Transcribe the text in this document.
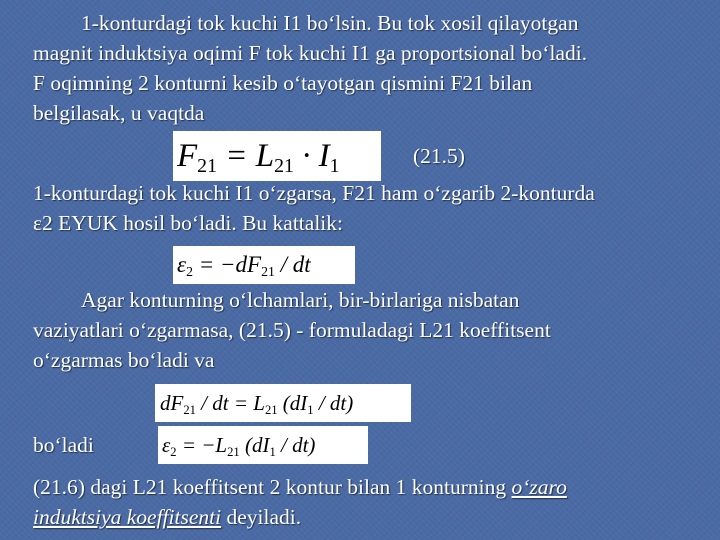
1-konturdagi tok kuchi I1 bo‘lsin. Bu tok xosil qilayotgan
magnit induktsiya oqimi F tok kuchi I1 ga proportsional bo‘ladi.
F oqimning 2 konturni kesib o‘tayotgan qismini F21 bilan
belgilasak, u vaqtda
$F_{21} = L_{21} \cdot I_1$	(21.5)
1-konturdagi tok kuchi I1 o‘zgarsa, F21 ham o‘zgarib 2-konturda
ε2 EYUK hosil bo‘ladi. Bu kattalik:
$\varepsilon_2 = -dF_{21}$ / dt
Agar konturning o‘lchamlari, bir-birlariga nisbatan
vaziyatlari o‘zgarmasa, (21.5) - formuladagi L21 koeffitsent
o‘zgarmas bo‘ladi va
$dF_{21}$ / dt = $L_{21}$ $(dI_1 / dt)$
bo‘ladi	$\varepsilon_2 = -L_{21}$ $(dI_1 / dt)$
(21.6) dagi L21 koeffitsent 2 kontur bilan 1 konturning o‘zaro
induktsiya koeffitsenti deyiladi.
